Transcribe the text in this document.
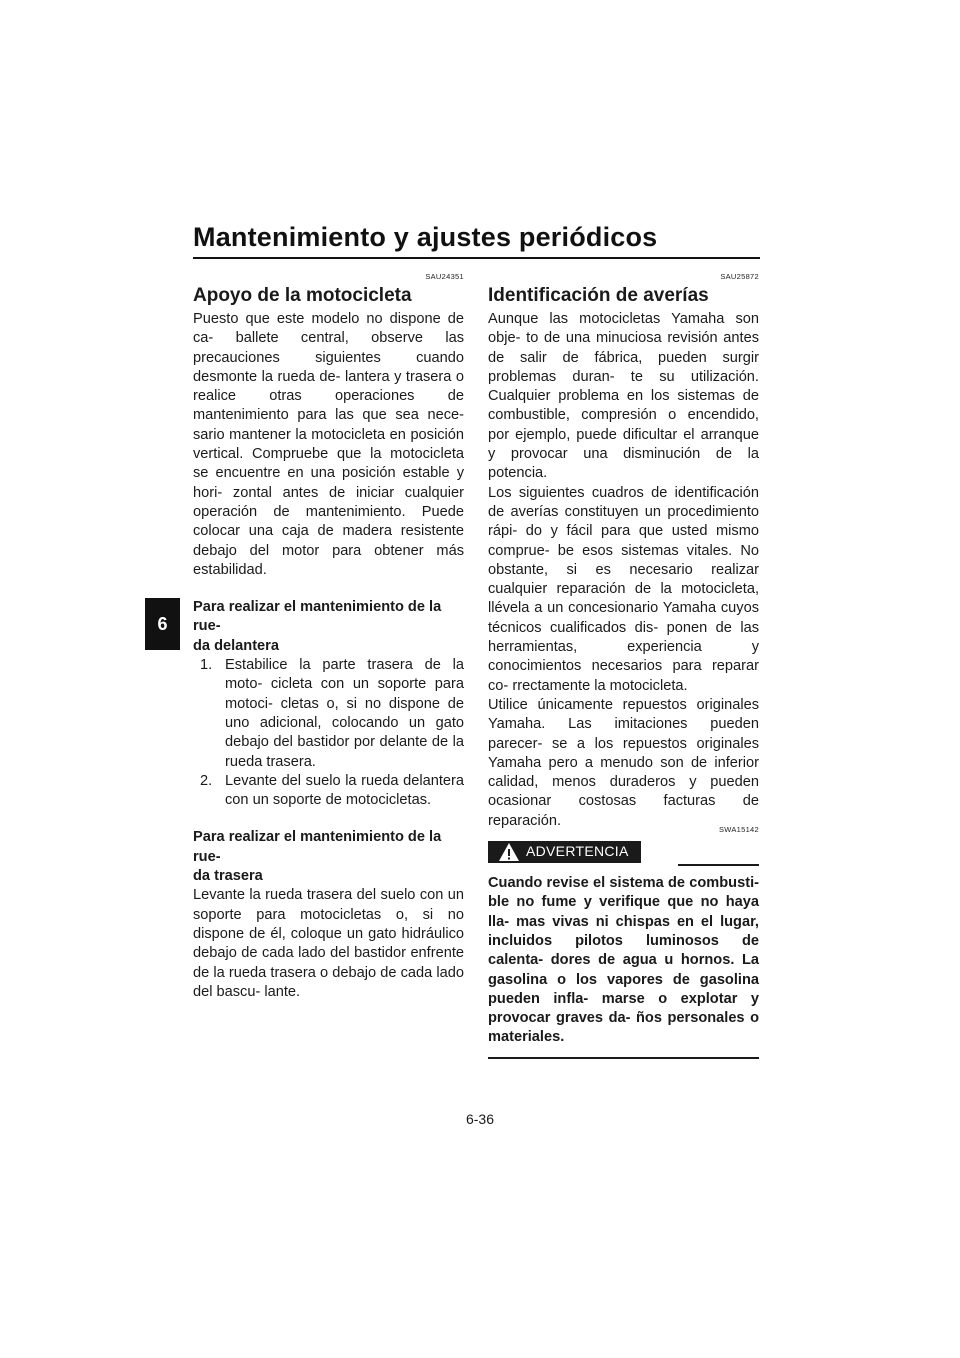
Mantenimiento y ajustes periódicos
6
SAU24351
Apoyo de la motocicleta

Puesto que este modelo no dispone de ca- ballete central, observe las precauciones siguientes cuando desmonte la rueda de- lantera y trasera o realice otras operaciones de mantenimiento para las que sea nece- sario mantener la motocicleta en posición vertical. Compruebe que la motocicleta se encuentre en una posición estable y hori- zontal antes de iniciar cualquier operación de mantenimiento. Puede colocar una caja de madera resistente debajo del motor para obtener más estabilidad.

Para realizar el mantenimiento de la rue-
da delantera

1. Estabilice la parte trasera de la moto- cicleta con un soporte para motoci- cletas o, si no dispone de uno adicional, colocando un gato debajo del bastidor por delante de la rueda trasera.
2. Levante del suelo la rueda delantera con un soporte de motocicletas.

Para realizar el mantenimiento de la rue-
da trasera

Levante la rueda trasera del suelo con un soporte para motocicletas o, si no dispone de él, coloque un gato hidráulico debajo de cada lado del bastidor enfrente de la rueda trasera o debajo de cada lado del bascu- lante.

SAU25872
Identificación de averías

Aunque las motocicletas Yamaha son obje- to de una minuciosa revisión antes de salir de fábrica, pueden surgir problemas duran- te su utilización. Cualquier problema en los sistemas de combustible, compresión o encendido, por ejemplo, puede dificultar el arranque y provocar una disminución de la potencia.

Los siguientes cuadros de identificación de averías constituyen un procedimiento rápi- do y fácil para que usted mismo comprue- be esos sistemas vitales. No obstante, si es necesario realizar cualquier reparación de la motocicleta, llévela a un concesionario Yamaha cuyos técnicos cualificados dis- ponen de las herramientas, experiencia y conocimientos necesarios para reparar co- rrectamente la motocicleta.

Utilice únicamente repuestos originales Yamaha. Las imitaciones pueden parecer- se a los repuestos originales Yamaha pero a menudo son de inferior calidad, menos duraderos y pueden ocasionar costosas facturas de reparación.

SWA15142
ADVERTENCIA

Cuando revise el sistema de combusti- ble no fume y verifique que no haya lla- mas vivas ni chispas en el lugar, incluidos pilotos luminosos de calenta- dores de agua u hornos. La gasolina o los vapores de gasolina pueden infla- marse o explotar y provocar graves da- ños personales o materiales.

6-36
